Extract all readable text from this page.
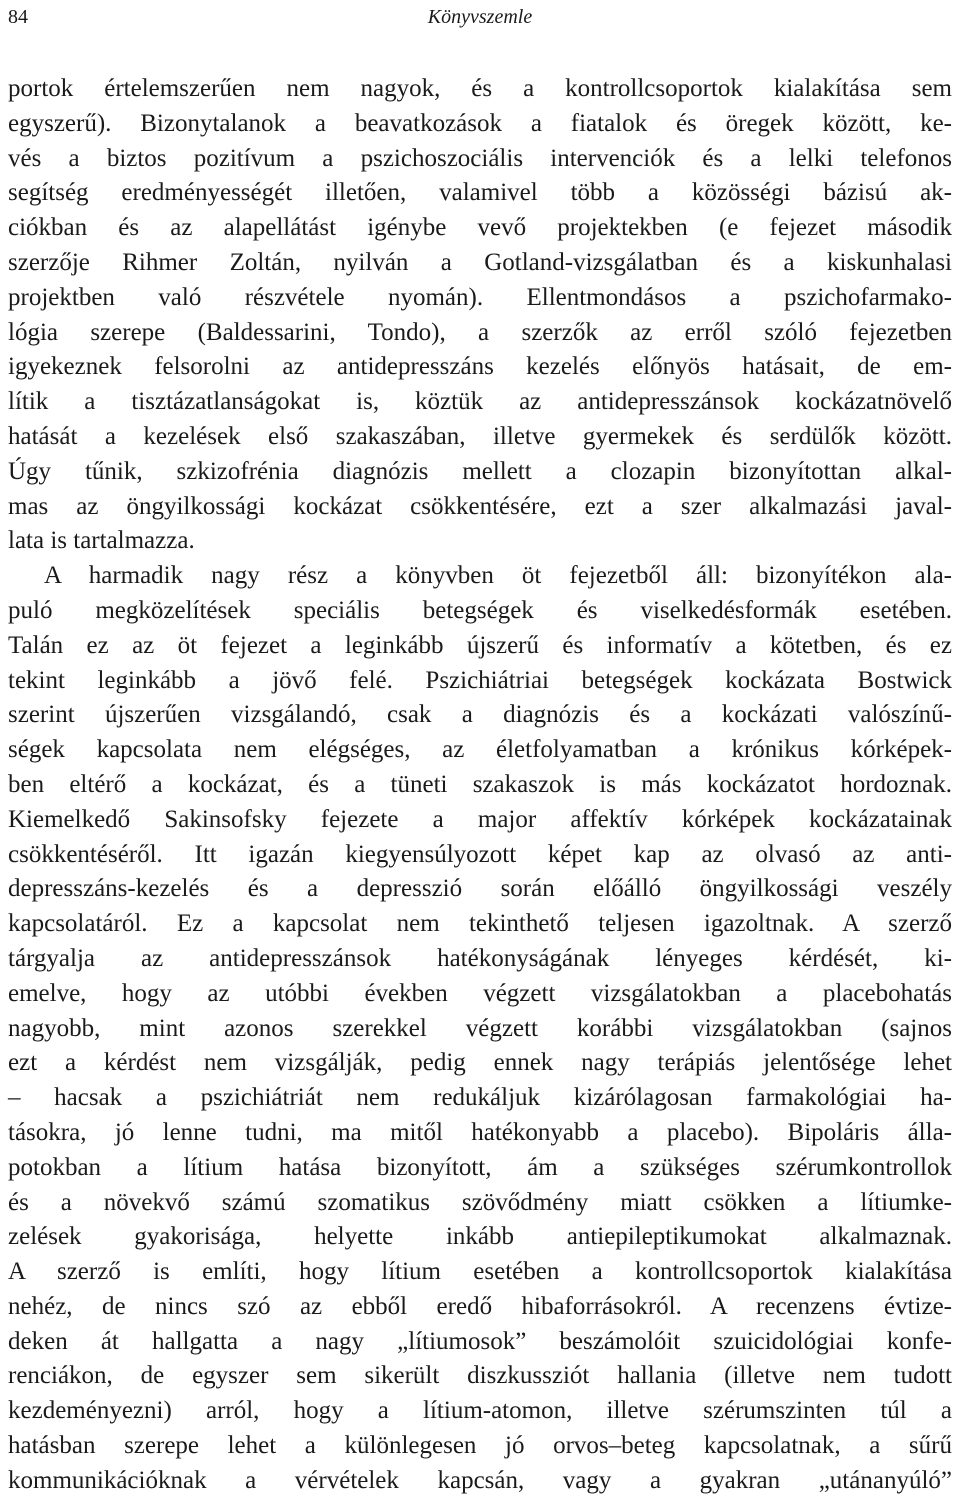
84	Könyvszemle
portok értelemszerűen nem nagyok, és a kontrollcsoportok kialakítása sem
egyszerű). Bizonytalanok a beavatkozások a fiatalok és öregek között, ke-
vés a biztos pozitívum a pszichoszociális intervenciók és a lelki telefonos
segítség eredményességét illetően, valamivel több a közösségi bázisú ak-
ciókban és az alapellátást igénybe vevő projektekben (e fejezet második
szerzője Rihmer Zoltán, nyilván a Gotland-vizsgálatban és a kiskunhalasi
projektben való részvétele nyomán). Ellentmondásos a pszichofarmako-
lógia szerepe (Baldessarini, Tondo), a szerzők az erről szóló fejezetben
igyekeznek felsorolni az antidepresszáns kezelés előnyös hatásait, de em-
lítik a tisztázatlanságokat is, köztük az antidepresszánsok kockázatnövelő
hatását a kezelések első szakaszában, illetve gyermekek és serdülők között.
Úgy tűnik, szkizofrénia diagnózis mellett a clozapin bizonyítottan alkal-
mas az öngyilkossági kockázat csökkentésére, ezt a szer alkalmazási javal-
lata is tartalmazza.
A harmadik nagy rész a könyvben öt fejezetből áll: bizonyítékon ala-
puló megközelítések speciális betegségek és viselkedésformák esetében.
Talán ez az öt fejezet a leginkább újszerű és informatív a kötetben, és ez
tekint leginkább a jövő felé. Pszichiátriai betegségek kockázata Bostwick
szerint újszerűen vizsgálandó, csak a diagnózis és a kockázati valószínű-
ségek kapcsolata nem elégséges, az életfolyamatban a krónikus kórképek-
ben eltérő a kockázat, és a tüneti szakaszok is más kockázatot hordoznak.
Kiemelkedő Sakinsofsky fejezete a major affektív kórképek kockázatainak
csökkentéséről. Itt igazán kiegyensúlyozott képet kap az olvasó az anti-
depresszáns-kezelés és a depresszió során előálló öngyilkossági veszély
kapcsolatáról. Ez a kapcsolat nem tekinthető teljesen igazoltnak. A szerző
tárgyalja az antidepresszánsok hatékonyságának lényeges kérdését, ki-
emelve, hogy az utóbbi években végzett vizsgálatokban a placebohatás
nagyobb, mint azonos szerekkel végzett korábbi vizsgálatokban (sajnos
ezt a kérdést nem vizsgálják, pedig ennek nagy terápiás jelentősége lehet
– hacsak a pszichiátriát nem redukáljuk kizárólagosan farmakológiai ha-
tásokra, jó lenne tudni, ma mitől hatékonyabb a placebo). Bipoláris álla-
potokban a lítium hatása bizonyított, ám a szükséges szérumkontrollok
és a növekvő számú szomatikus szövődmény miatt csökken a lítiumke-
zelések gyakorisága, helyette inkább antiepileptikumokat alkalmaznak.
A szerző is említi, hogy lítium esetében a kontrollcsoportok kialakítása
nehéz, de nincs szó az ebből eredő hibaforrásokról. A recenzens évtize-
deken át hallgatta a nagy „lítiumosok” beszámolóit szuicidológiai konfe-
renciákon, de egyszer sem sikerült diszkussziót hallania (illetve nem tudott
kezdeményezni) arról, hogy a lítium-atomon, illetve szérumszinten túl a
hatásban szerepe lehet a különlegesen jó orvos–beteg kapcsolatnak, a sűrű
kommunikációknak a vérvételek kapcsán, vagy a gyakran „utánanyúló”
